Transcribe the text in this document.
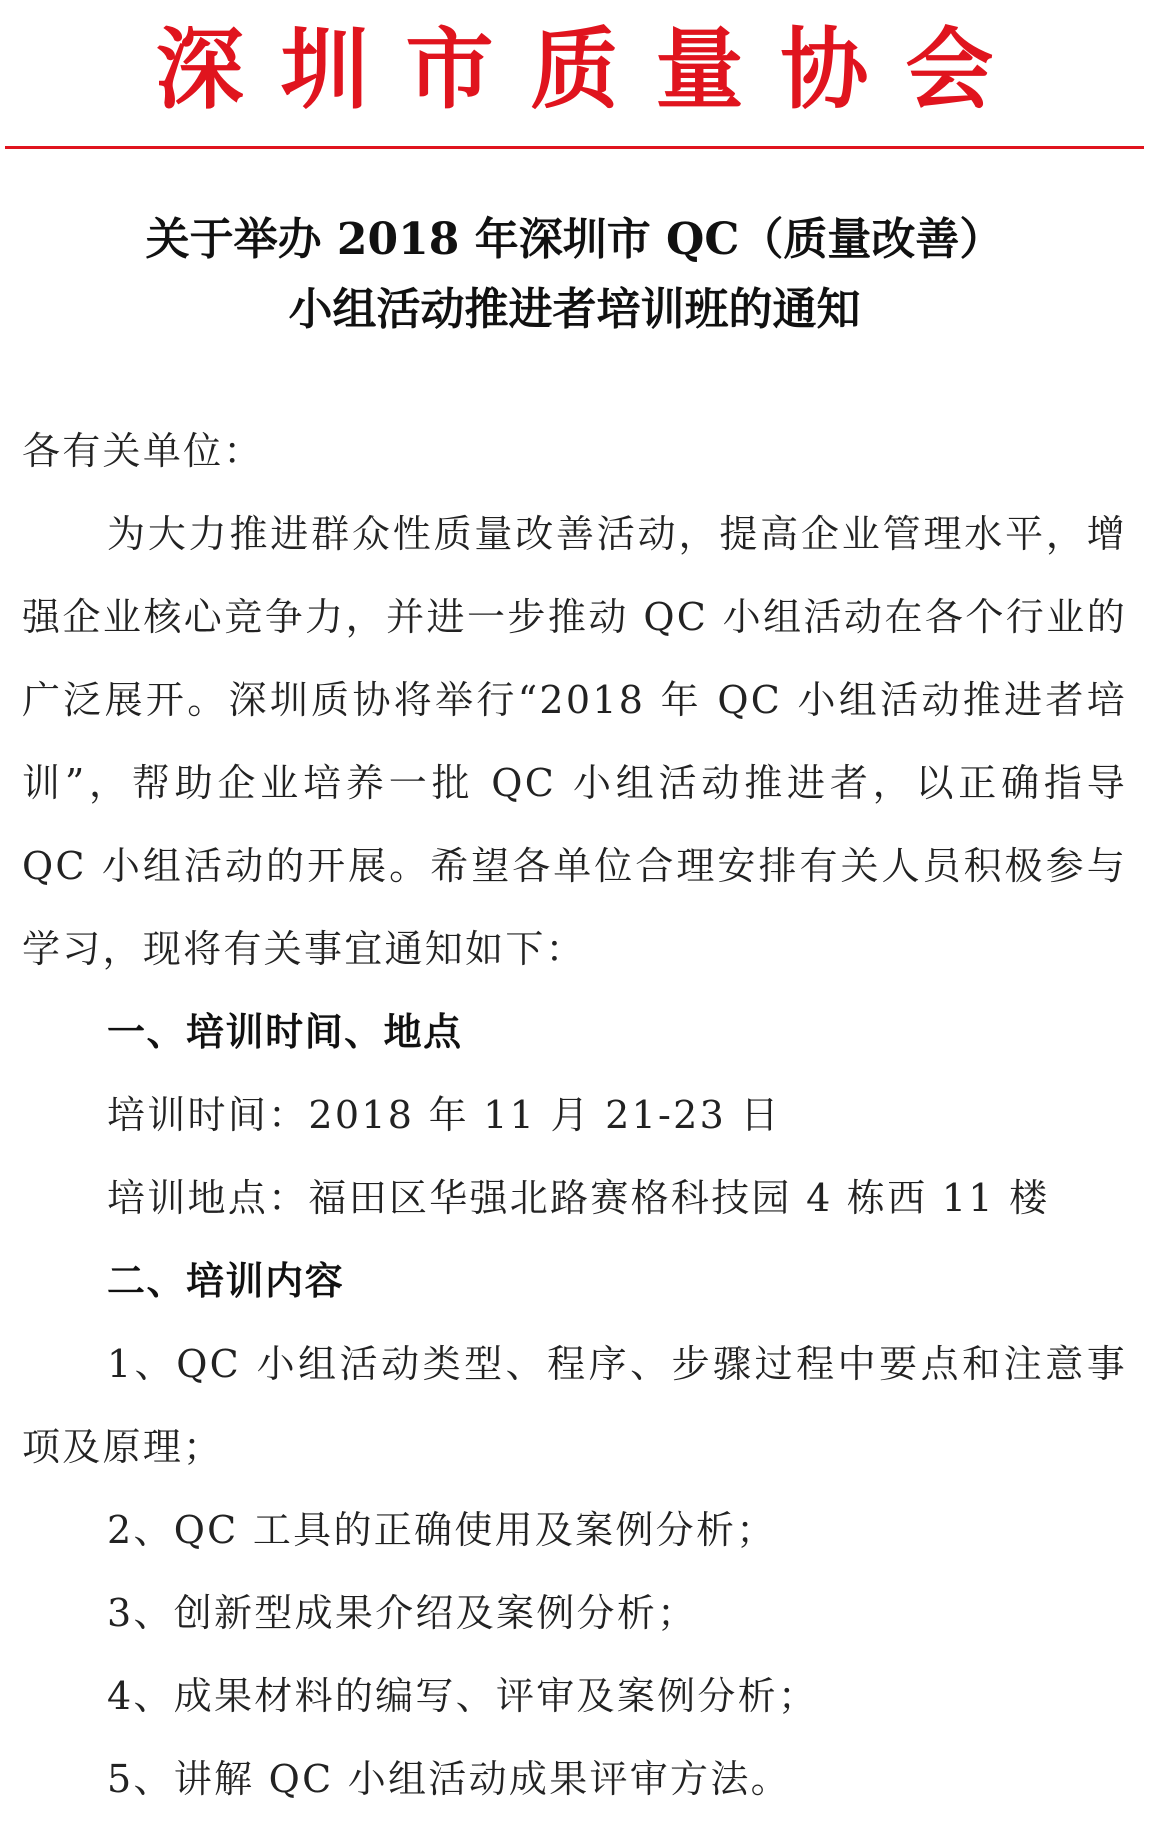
深圳市质量协会
关于举办 2018 年深圳市 QC（质量改善）
小组活动推进者培训班的通知

各有关单位：

为大力推进群众性质量改善活动，提高企业管理水平，增强企业核心竞争力，并进一步推动 QC 小组活动在各个行业的广泛展开。深圳质协将举行“2018 年 QC 小组活动推进者培训”，帮助企业培养一批 QC 小组活动推进者，以正确指导 QC 小组活动的开展。希望各单位合理安排有关人员积极参与学习，现将有关事宜通知如下：

一、培训时间、地点

培训时间：2018 年 11 月 21-23 日

培训地点：福田区华强北路赛格科技园 4 栋西 11 楼

二、培训内容

1、QC 小组活动类型、程序、步骤过程中要点和注意事项及原理；

2、QC 工具的正确使用及案例分析；

3、创新型成果介绍及案例分析；

4、成果材料的编写、评审及案例分析；

5、讲解 QC 小组活动成果评审方法。
